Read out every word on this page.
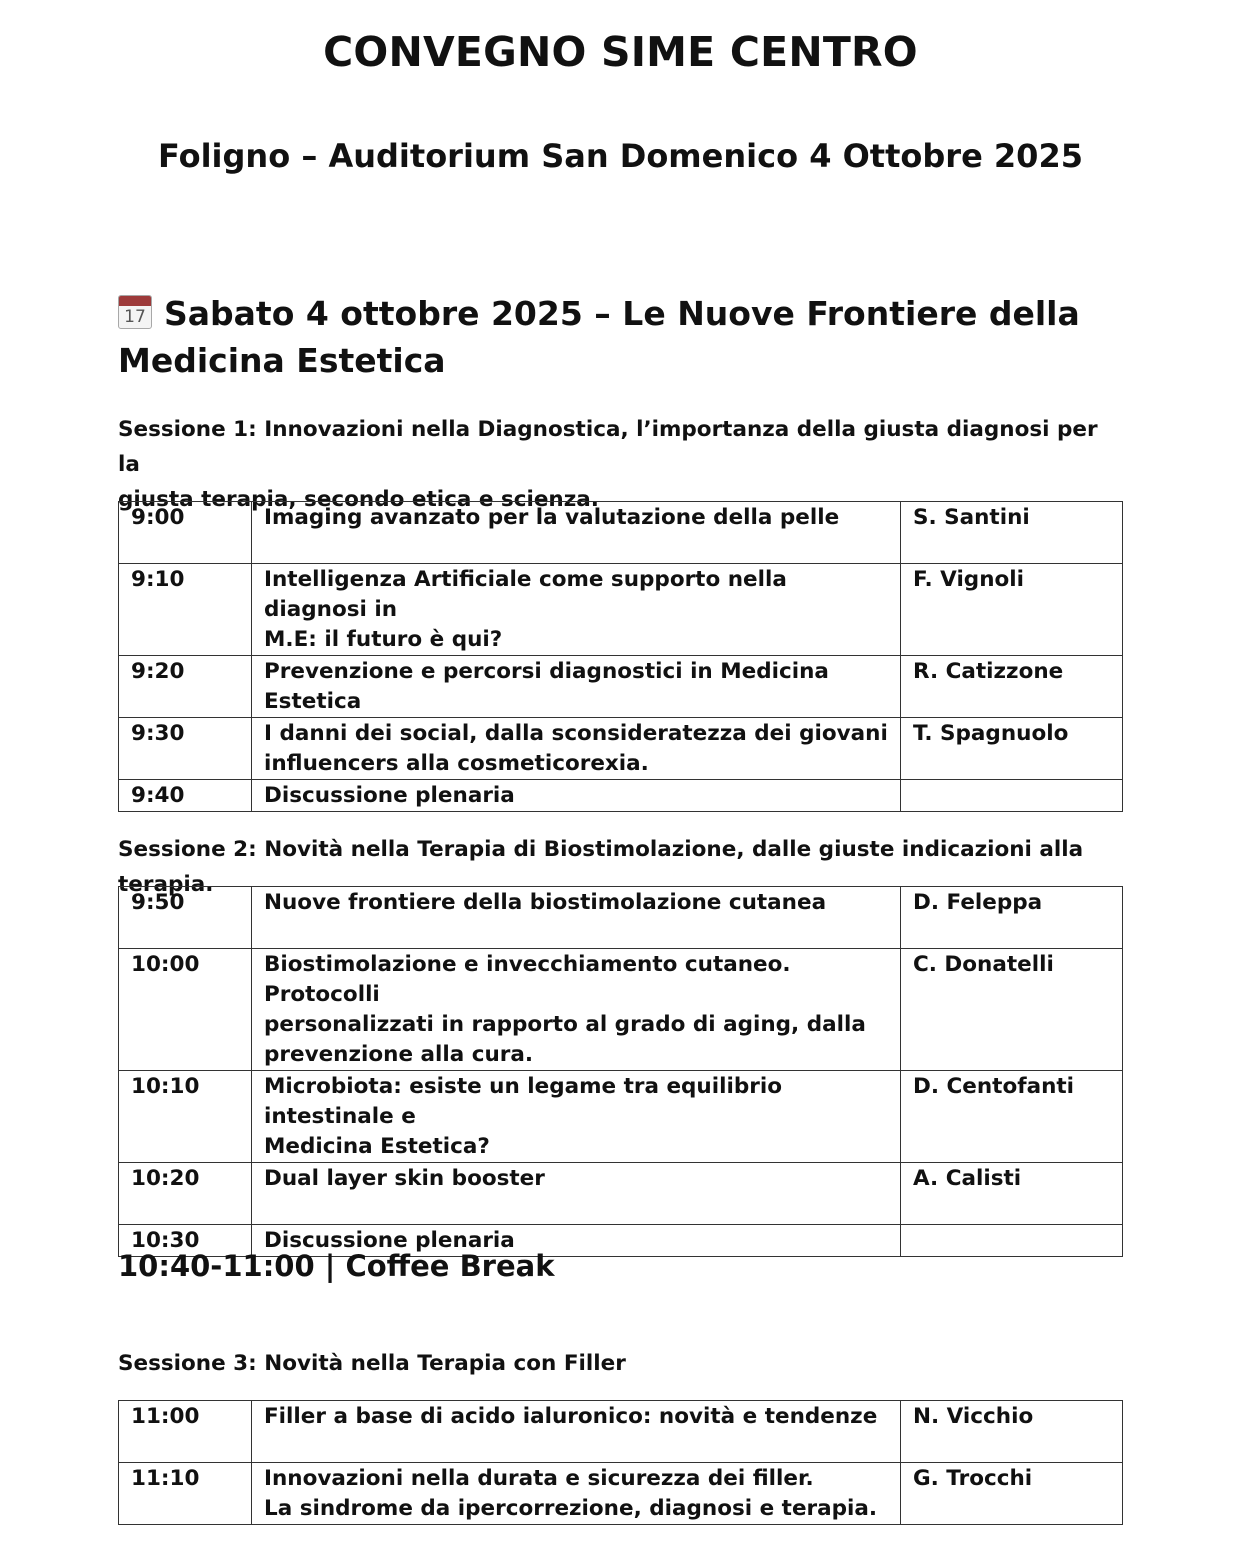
CONVEGNO SIME CENTRO
Foligno – Auditorium San Domenico 4 Ottobre 2025
17 Sabato 4 ottobre 2025 – Le Nuove Frontiere della
Medicina Estetica
Sessione 1: Innovazioni nella Diagnostica, l’importanza della giusta diagnosi per la
giusta terapia, secondo etica e scienza.
9:00	Imaging avanzato per la valutazione della pelle	S. Santini
9:10	Intelligenza Artificiale come supporto nella diagnosi in
M.E: il futuro è qui?	F. Vignoli
9:20	Prevenzione e percorsi diagnostici in Medicina Estetica	R. Catizzone
9:30	I danni dei social, dalla sconsideratezza dei giovani
influencers alla cosmeticorexia.	T. Spagnuolo
9:40	Discussione plenaria	

Sessione 2: Novità nella Terapia di Biostimolazione, dalle giuste indicazioni alla terapia.
9:50	Nuove frontiere della biostimolazione cutanea	D. Feleppa
10:00	Biostimolazione e invecchiamento cutaneo. Protocolli
personalizzati in rapporto al grado di aging, dalla
prevenzione alla cura.	C. Donatelli
10:10	Microbiota: esiste un legame tra equilibrio intestinale e
Medicina Estetica?	D. Centofanti
10:20	Dual layer skin booster	A. Calisti
10:30	Discussione plenaria	

10:40-11:00 | Coffee Break
Sessione 3: Novità nella Terapia con Filler
11:00	Filler a base di acido ialuronico: novità e tendenze	N. Vicchio
11:10	Innovazioni nella durata e sicurezza dei filler.
La sindrome da ipercorrezione, diagnosi e terapia.	G. Trocchi
